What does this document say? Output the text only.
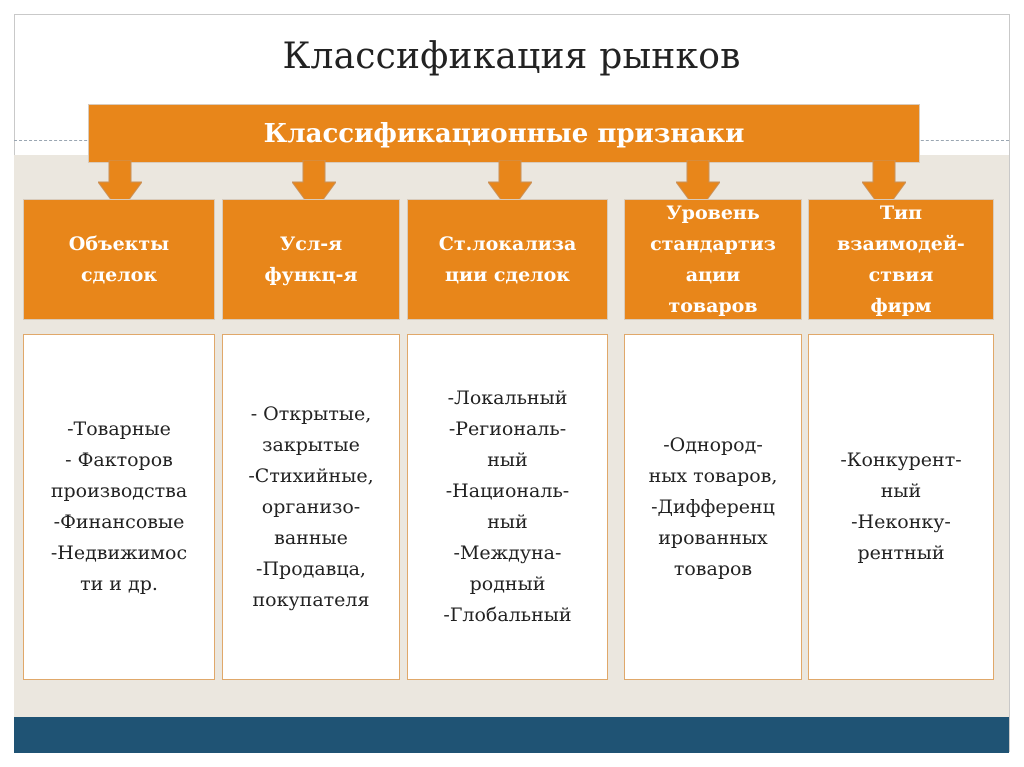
Классификация рынков
Классификационные признаки
Объекты
сделок
Усл-я
функц-я
Ст.локализа
ции сделок
Уровень
стандартиз
ации
товаров
Тип
взаимодей-
ствия
фирм
-Товарные
- Факторов
производства
-Финансовые
-Недвижимос
ти и др.
- Открытые,
закрытые
-Стихийные,
организо-
ванные
-Продавца,
покупателя
-Локальный
-Региональ-
ный
-Националь-
ный
-Междуна-
родный
-Глобальный
-Однород-
ных товаров,
-Дифференц
ированных
товаров
-Конкурент-
ный
-Неконку-
рентный
